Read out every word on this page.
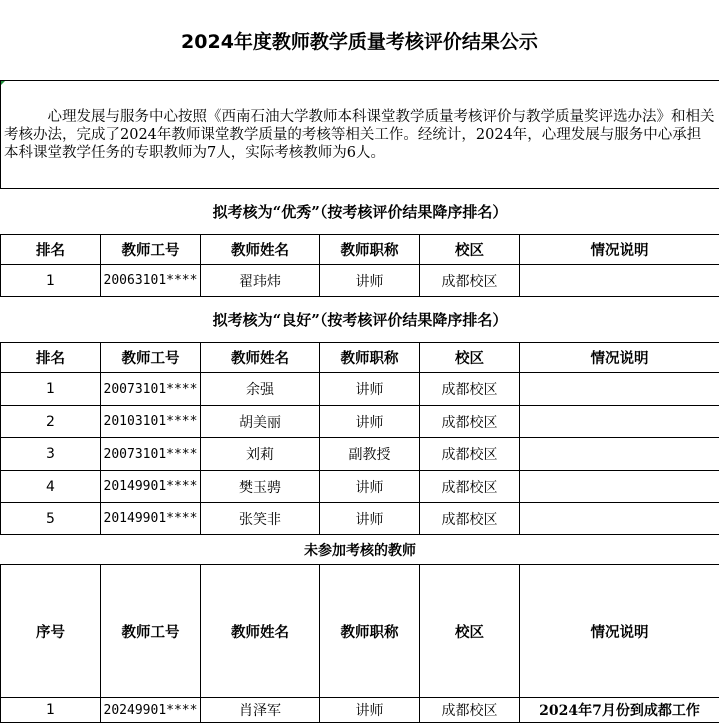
2024年度教师教学质量考核评价结果公示
　　　心理发展与服务中心按照《西南石油大学教师本科课堂教学质量考核评价与教学质量奖评选办法》和相关考核办法，完成了2024年教师课堂教学质量的考核等相关工作。经统计，2024年，心理发展与服务中心承担本科课堂教学任务的专职教师为7人，实际考核教师为6人。					
拟考核为“优秀”（按考核评价结果降序排名）					
排名	教师工号	教师姓名	教师职称	校区	情况说明
1	20063101****	翟玮炜	讲师	成都校区	
拟考核为“良好”（按考核评价结果降序排名）					
排名	教师工号	教师姓名	教师职称	校区	情况说明
1	20073101****	余强	讲师	成都校区	
2	20103101****	胡美丽	讲师	成都校区	
3	20073101****	刘莉	副教授	成都校区	
4	20149901****	樊玉骋	讲师	成都校区	
5	20149901****	张笑非	讲师	成都校区	
未参加考核的教师					
序号	教师工号	教师姓名	教师职称	校区	情况说明
1	20249901****	肖泽军	讲师	成都校区	2024年7月份到成都工作
